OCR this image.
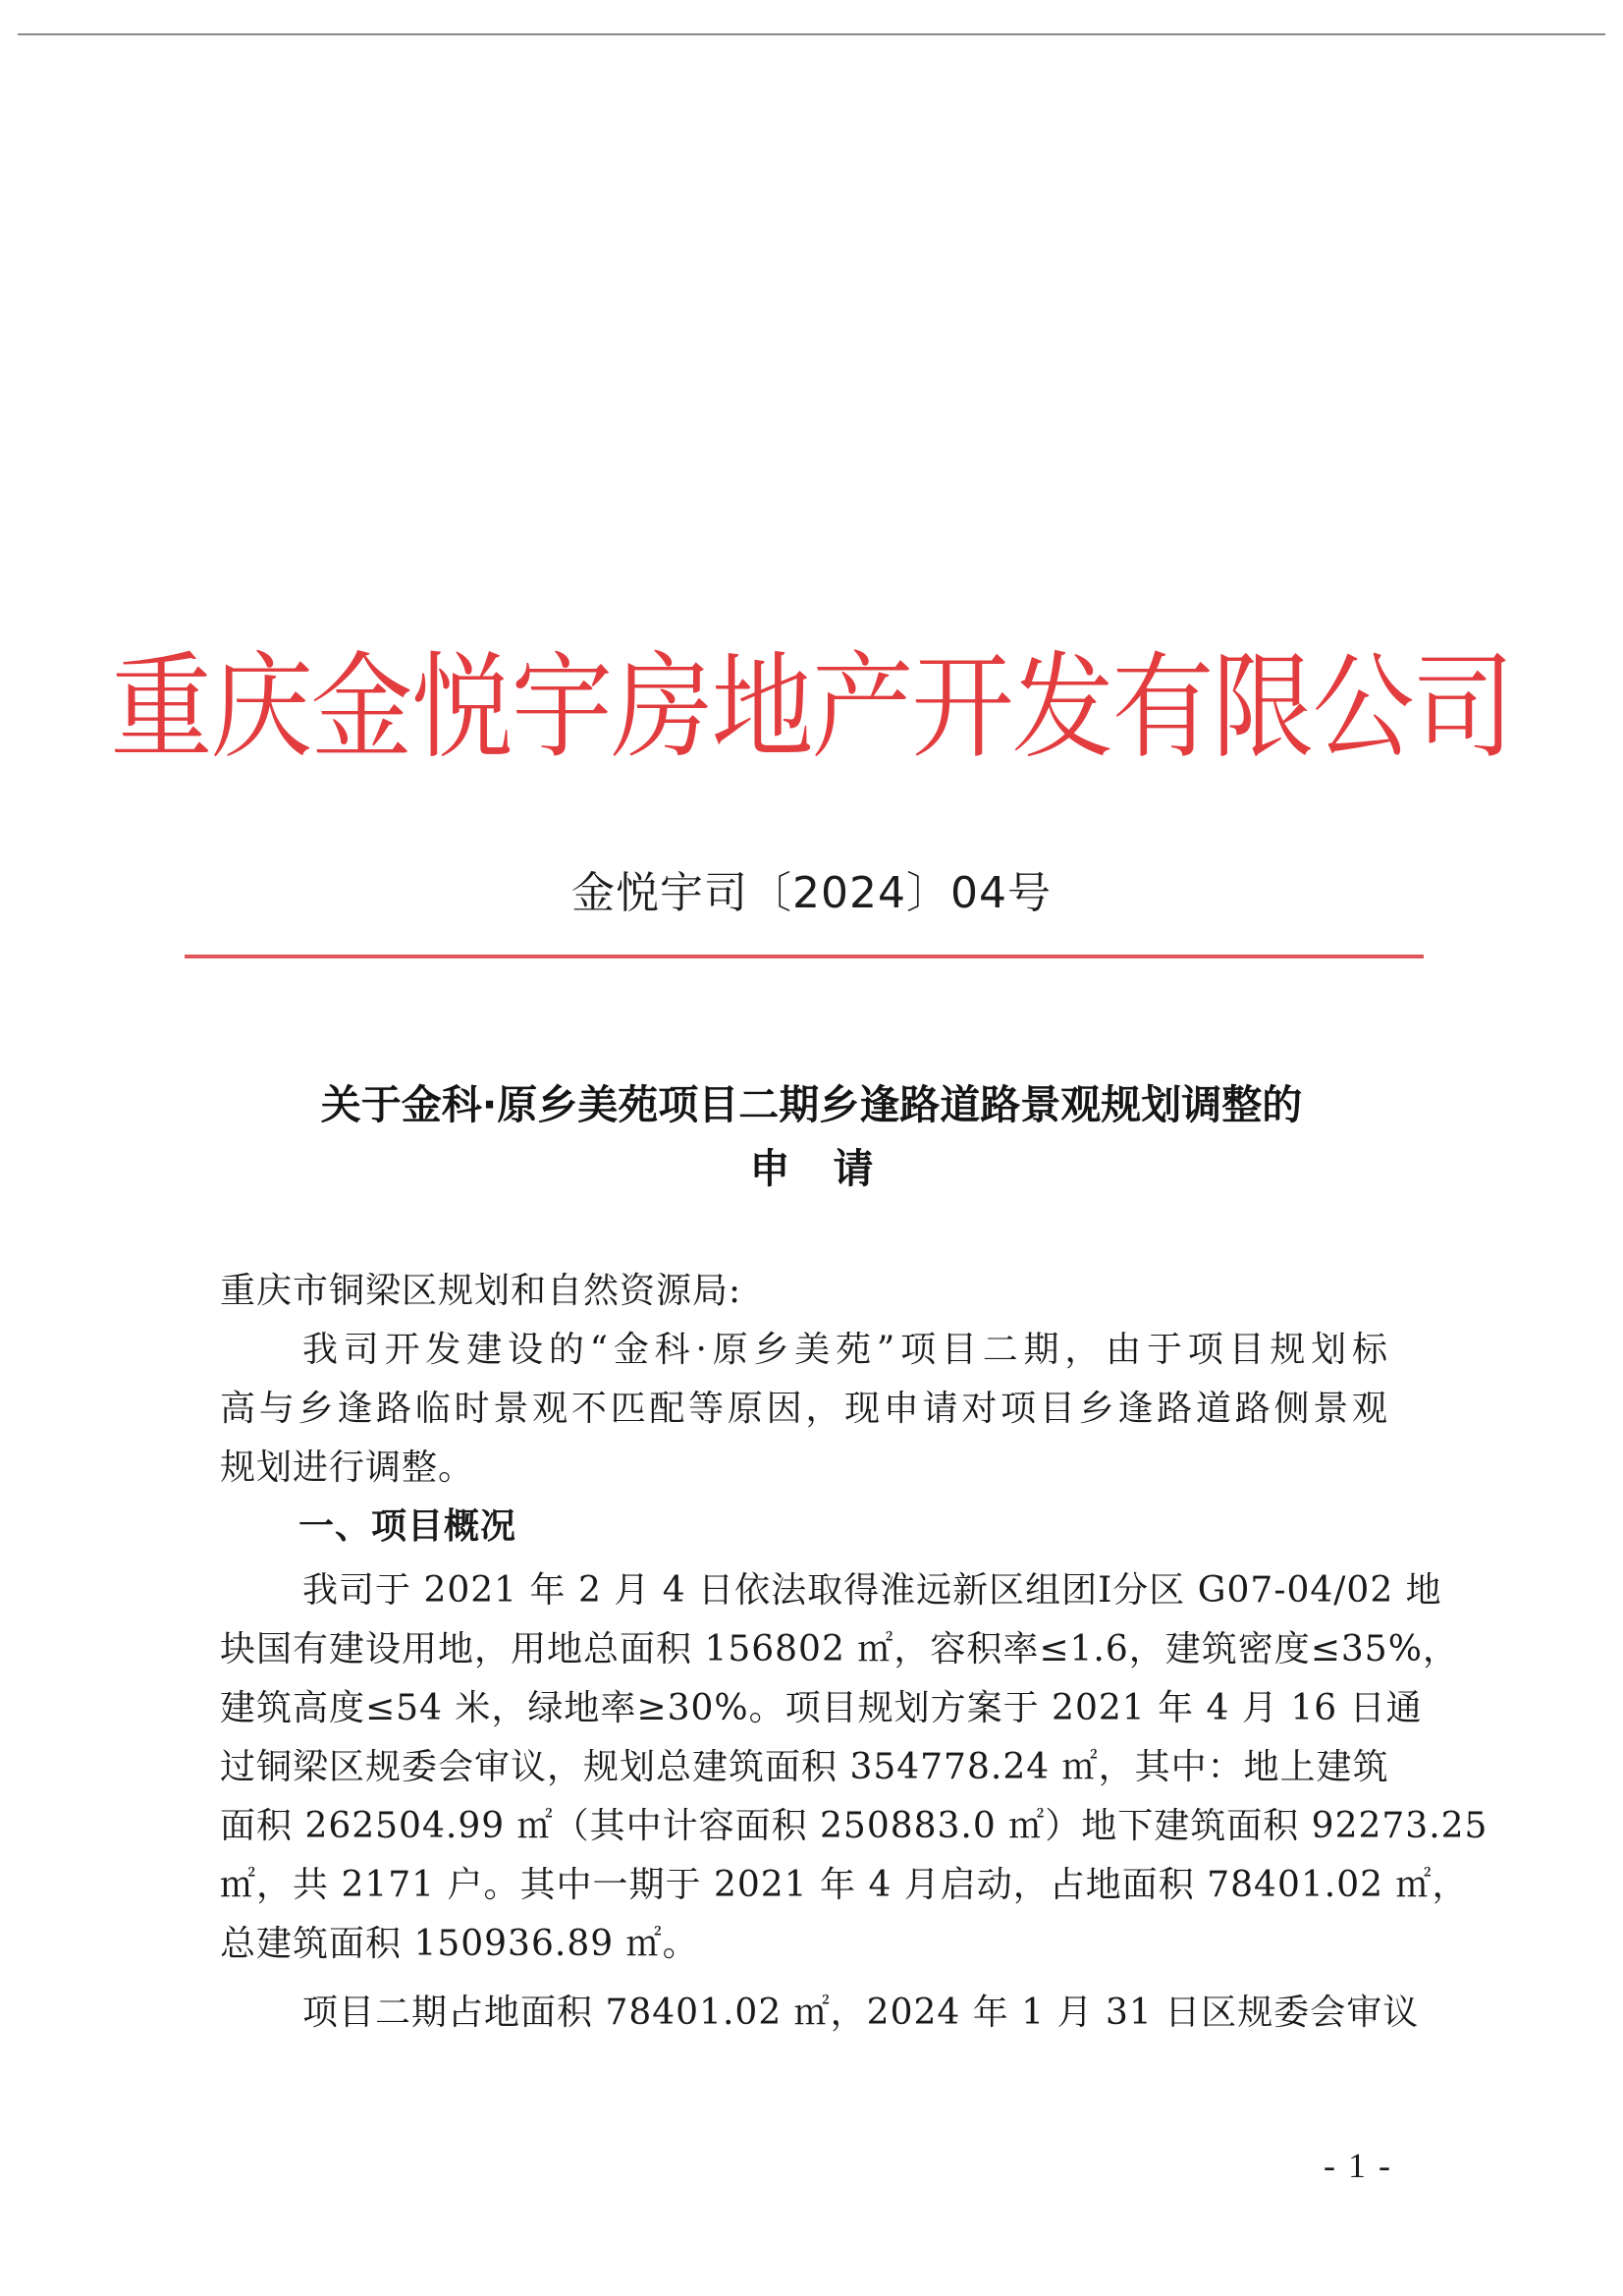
重庆金悦宇房地产开发有限公司
金悦宇司〔2024〕04号
关于金科·原乡美苑项目二期乡逢路道路景观规划调整的
申请
重庆市铜梁区规划和自然资源局:
我司开发建设的“金科·原乡美苑”项目二期，由于项目规划标
高与乡逢路临时景观不匹配等原因，现申请对项目乡逢路道路侧景观
规划进行调整。
一、项目概况
我司于 2021 年 2 月 4 日依法取得淮远新区组团I分区 G07-04/02 地
块国有建设用地，用地总面积 156802 ㎡，容积率≤1.6，建筑密度≤35%，
建筑高度≤54 米，绿地率≥30%。项目规划方案于 2021 年 4 月 16 日通
过铜梁区规委会审议，规划总建筑面积 354778.24 ㎡，其中：地上建筑
面积 262504.99 ㎡（其中计容面积 250883.0 ㎡）地下建筑面积 92273.25
㎡，共 2171 户。其中一期于 2021 年 4 月启动，占地面积 78401.02 ㎡，
总建筑面积 150936.89 ㎡。
项目二期占地面积 78401.02 ㎡，2024 年 1 月 31 日区规委会审议
- 1 -
